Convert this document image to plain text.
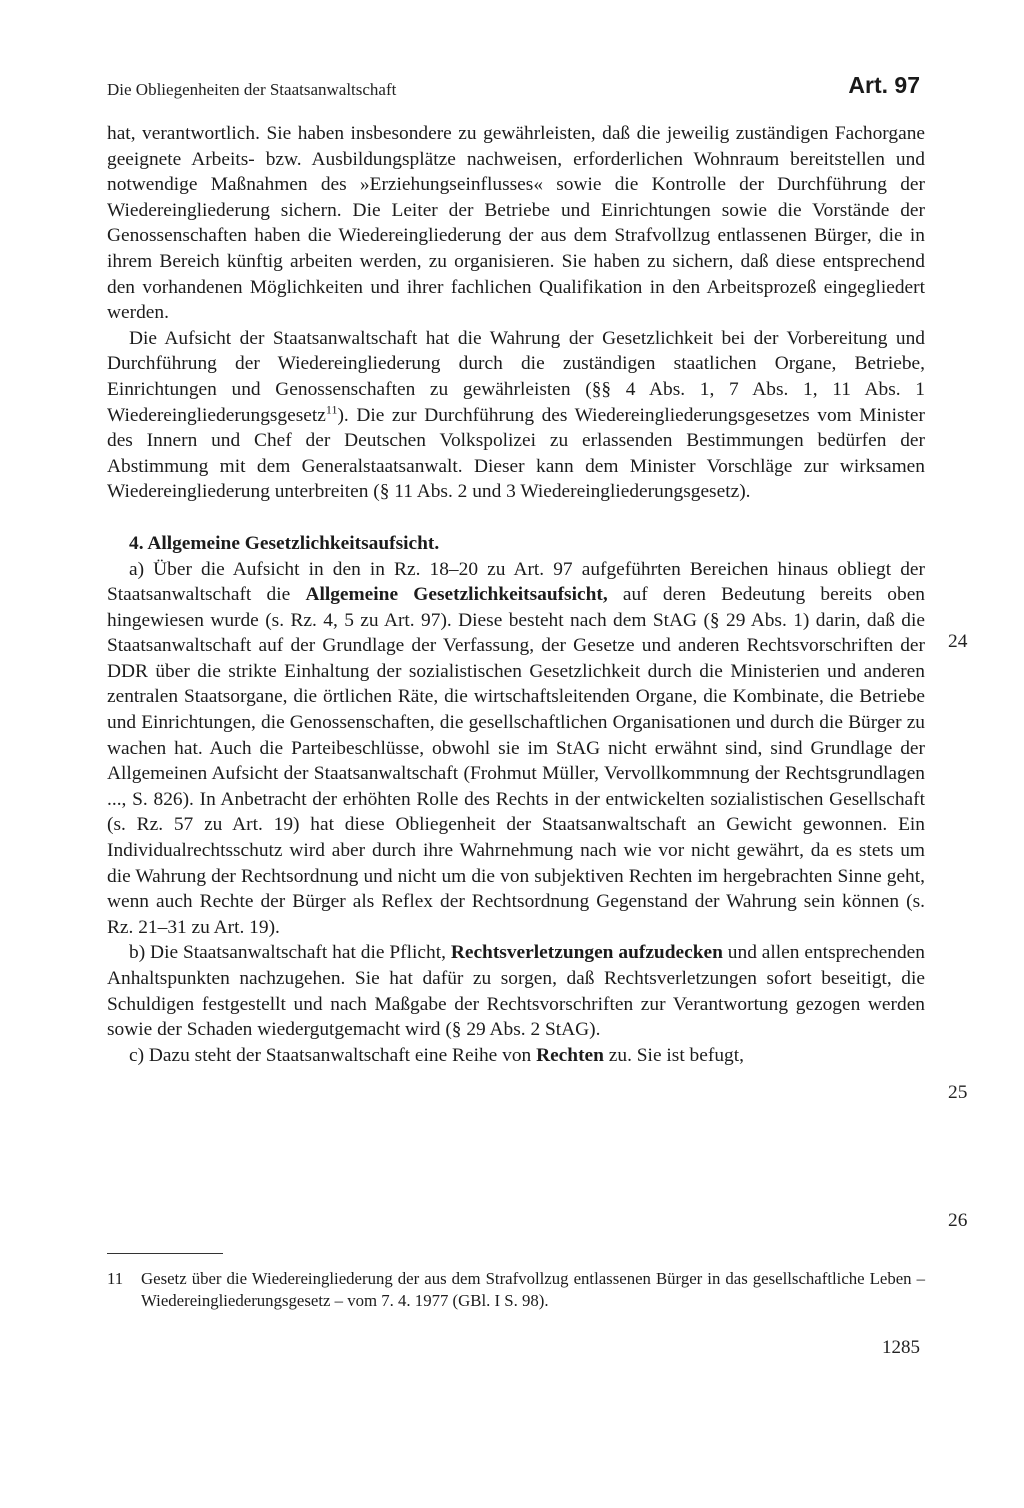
Die Obliegenheiten der Staatsanwaltschaft	Art. 97

hat, verantwortlich. Sie haben insbesondere zu gewährleisten, daß die jeweilig zuständigen Fachorgane geeignete Arbeits- bzw. Ausbildungsplätze nachweisen, erforderlichen Wohnraum bereitstellen und notwendige Maßnahmen des »Erziehungseinflusses« sowie die Kontrolle der Durchführung der Wiedereingliederung sichern. Die Leiter der Betriebe und Einrichtungen sowie die Vorstände der Genossenschaften haben die Wiedereingliederung der aus dem Strafvollzug entlassenen Bürger, die in ihrem Bereich künftig arbeiten werden, zu organisieren. Sie haben zu sichern, daß diese entsprechend den vorhandenen Möglichkeiten und ihrer fachlichen Qualifikation in den Arbeitsprozeß eingegliedert werden.

Die Aufsicht der Staatsanwaltschaft hat die Wahrung der Gesetzlichkeit bei der Vorbereitung und Durchführung der Wiedereingliederung durch die zuständigen staatlichen Organe, Betriebe, Einrichtungen und Genossenschaften zu gewährleisten (§§ 4 Abs. 1, 7 Abs. 1, 11 Abs. 1 Wiedereingliederungsgesetz$^{11}$). Die zur Durchführung des Wiedereingliederungsgesetzes vom Minister des Innern und Chef der Deutschen Volkspolizei zu erlassenden Bestimmungen bedürfen der Abstimmung mit dem Generalstaatsanwalt. Dieser kann dem Minister Vorschläge zur wirksamen Wiedereingliederung unterbreiten (§ 11 Abs. 2 und 3 Wiedereingliederungsgesetz).

4. Allgemeine Gesetzlichkeitsaufsicht.

a) Über die Aufsicht in den in Rz. 18–20 zu Art. 97 aufgeführten Bereichen hinaus obliegt der Staatsanwaltschaft die Allgemeine Gesetzlichkeitsaufsicht, auf deren Bedeutung bereits oben hingewiesen wurde (s. Rz. 4, 5 zu Art. 97). Diese besteht nach dem StAG (§ 29 Abs. 1) darin, daß die Staatsanwaltschaft auf der Grundlage der Verfassung, der Gesetze und anderen Rechtsvorschriften der DDR über die strikte Einhaltung der sozialistischen Gesetzlichkeit durch die Ministerien und anderen zentralen Staatsorgane, die örtlichen Räte, die wirtschaftsleitenden Organe, die Kombinate, die Betriebe und Einrichtungen, die Genossenschaften, die gesellschaftlichen Organisationen und durch die Bürger zu wachen hat. Auch die Parteibeschlüsse, obwohl sie im StAG nicht erwähnt sind, sind Grundlage der Allgemeinen Aufsicht der Staatsanwaltschaft (Frohmut Müller, Vervollkommnung der Rechtsgrundlagen ..., S. 826). In Anbetracht der erhöhten Rolle des Rechts in der entwickelten sozialistischen Gesellschaft (s. Rz. 57 zu Art. 19) hat diese Obliegenheit der Staatsanwaltschaft an Gewicht gewonnen. Ein Individualrechtsschutz wird aber durch ihre Wahrnehmung nach wie vor nicht gewährt, da es stets um die Wahrung der Rechtsordnung und nicht um die von subjektiven Rechten im hergebrachten Sinne geht, wenn auch Rechte der Bürger als Reflex der Rechtsordnung Gegenstand der Wahrung sein können (s. Rz. 21–31 zu Art. 19).

b) Die Staatsanwaltschaft hat die Pflicht, Rechtsverletzungen aufzudecken und allen entsprechenden Anhaltspunkten nachzugehen. Sie hat dafür zu sorgen, daß Rechtsverletzungen sofort beseitigt, die Schuldigen festgestellt und nach Maßgabe der Rechtsvorschriften zur Verantwortung gezogen werden sowie der Schaden wiedergutgemacht wird (§ 29 Abs. 2 StAG).

c) Dazu steht der Staatsanwaltschaft eine Reihe von Rechten zu. Sie ist befugt,

24
25
26
11 Gesetz über die Wiedereingliederung der aus dem Strafvollzug entlassenen Bürger in das gesellschaftliche Leben – Wiedereingliederungsgesetz – vom 7. 4. 1977 (GBl. I S. 98).
1285
